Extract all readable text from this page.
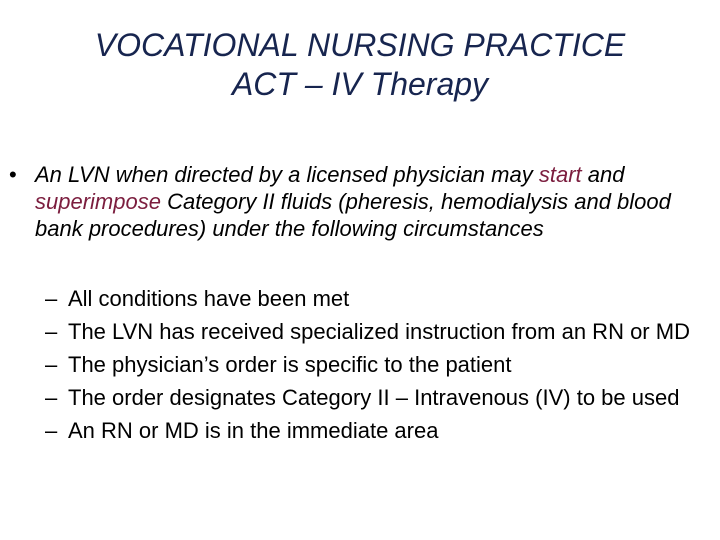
VOCATIONAL NURSING PRACTICE
ACT – IV Therapy
• An LVN when directed by a licensed physician may start and superimpose Category II fluids (pheresis, hemodialysis and blood bank procedures) under the following circumstances
– All conditions have been met
– The LVN has received specialized instruction from an RN or MD
– The physician’s order is specific to the patient
– The order designates Category II – Intravenous (IV) to be used
– An RN or MD is in the immediate area
